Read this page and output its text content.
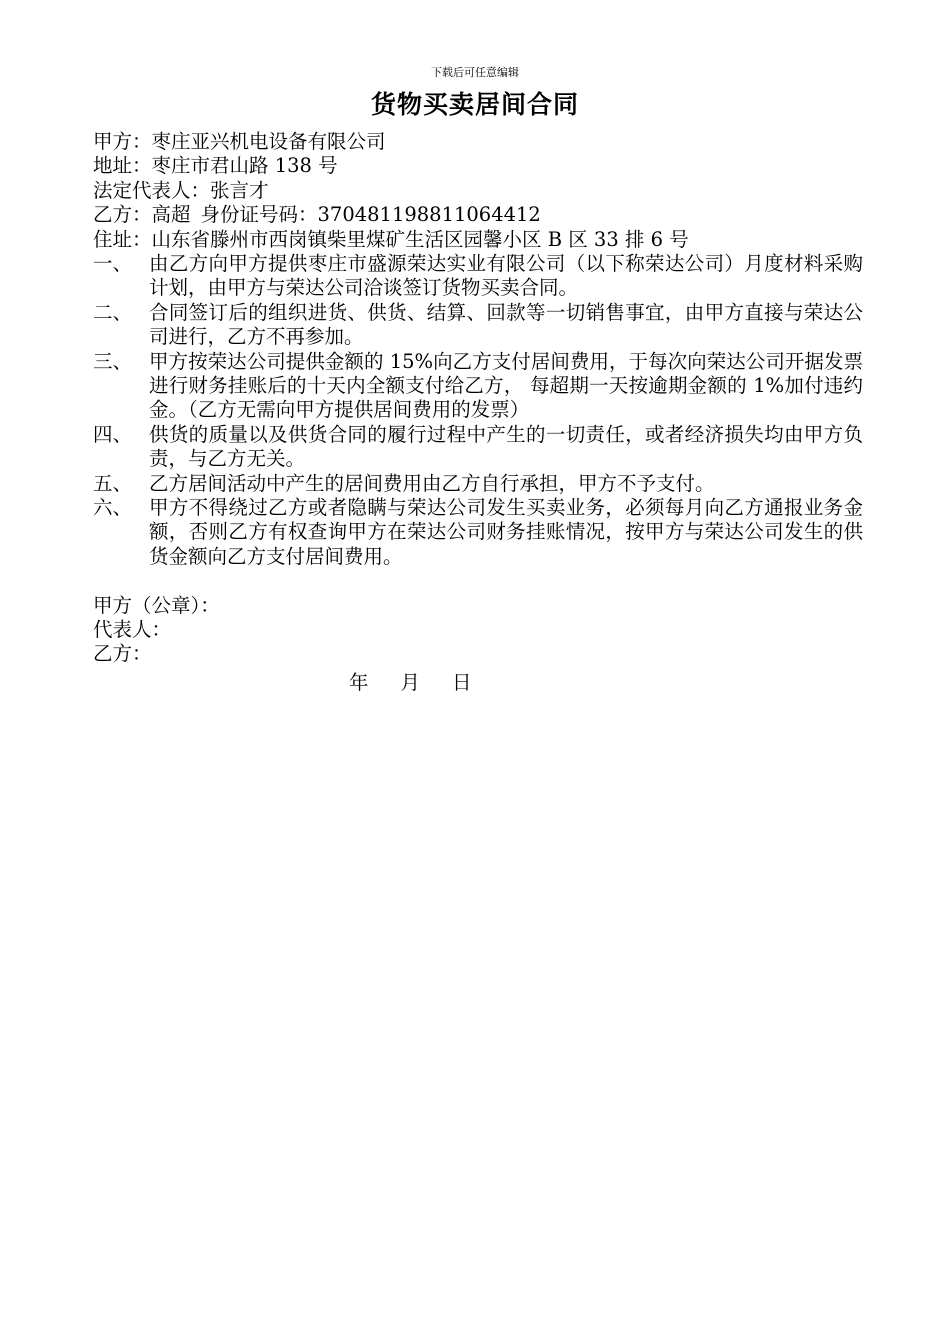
下载后可任意编辑
货物买卖居间合同
甲方：枣庄亚兴机电设备有限公司
地址：枣庄市君山路 138 号
法定代表人：张言才
乙方：高超 身份证号码：370481198811064412
住址：山东省滕州市西岗镇柴里煤矿生活区园馨小区 B 区 33 排 6 号
一、 由乙方向甲方提供枣庄市盛源荣达实业有限公司（以下称荣达公司）月度材料采购计划，由甲方与荣达公司洽谈签订货物买卖合同。
二、 合同签订后的组织进货、供货、结算、回款等一切销售事宜，由甲方直接与荣达公司进行，乙方不再参加。
三、 甲方按荣达公司提供金额的 15%向乙方支付居间费用，于每次向荣达公司开据发票进行财务挂账后的十天内全额支付给乙方， 每超期一天按逾期金额的 1%加付违约金。（乙方无需向甲方提供居间费用的发票）
四、 供货的质量以及供货合同的履行过程中产生的一切责任，或者经济损失均由甲方负责，与乙方无关。
五、 乙方居间活动中产生的居间费用由乙方自行承担，甲方不予支付。
六、 甲方不得绕过乙方或者隐瞒与荣达公司发生买卖业务，必须每月向乙方通报业务金额，否则乙方有权查询甲方在荣达公司财务挂账情况，按甲方与荣达公司发生的供货金额向乙方支付居间费用。
甲方（公章）：
代表人：
乙方：
年 月 日
